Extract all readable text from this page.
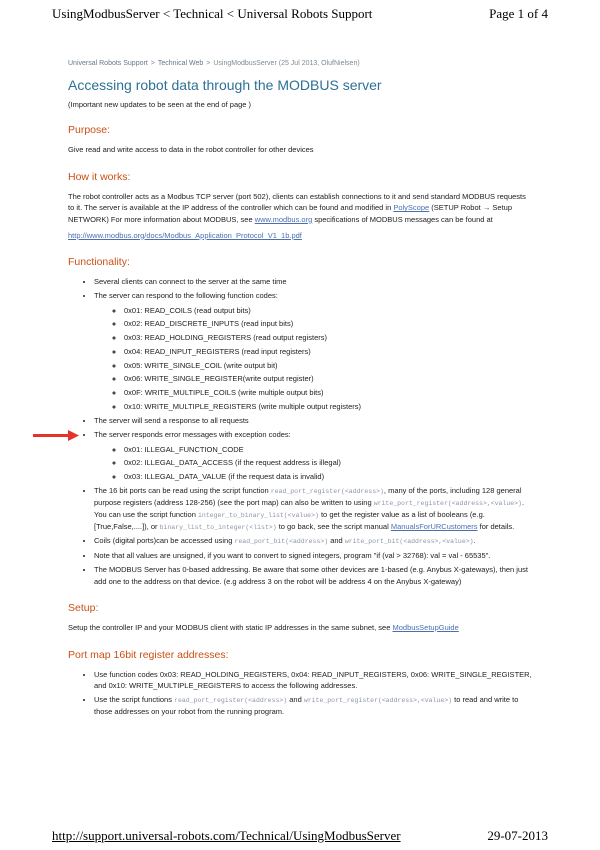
UsingModbusServer < Technical < Universal Robots Support	Page 1 of 4
Universal Robots Support > Technical Web > UsingModbusServer (25 Jul 2013, OlufNielsen)
Accessing robot data through the MODBUS server

(Important new updates to be seen at the end of page )

Purpose:

Give read and write access to data in the robot controller for other devices

How it works:

The robot controller acts as a Modbus TCP server (port 502), clients can establish connections to it and send standard MODBUS requests to it. The server is available at the IP address of the controller which can be found and modified in PolyScope (SETUP Robot → Setup NETWORK) For more information about MODBUS, see www.modbus.org specifications of MODBUS messages can be found at

http://www.modbus.org/docs/Modbus_Application_Protocol_V1_1b.pdf

Functionality:
• Several clients can connect to the server at the same time
• The server can respond to the following function codes:
◦ 0x01: READ_COILS (read output bits)
◦ 0x02: READ_DISCRETE_INPUTS (read input bits)
◦ 0x03: READ_HOLDING_REGISTERS (read output registers)
◦ 0x04: READ_INPUT_REGISTERS (read input registers)
◦ 0x05: WRITE_SINGLE_COIL (write output bit)
◦ 0x06: WRITE_SINGLE_REGISTER(write output register)
◦ 0x0F: WRITE_MULTIPLE_COILS (write multiple output bits)
◦ 0x10: WRITE_MULTIPLE_REGISTERS (write multiple output registers)
• The server will send a response to all requests
• The server responds error messages with exception codes:
◦ 0x01: ILLEGAL_FUNCTION_CODE
◦ 0x02: ILLEGAL_DATA_ACCESS (if the request address is illegal)
◦ 0x03: ILLEGAL_DATA_VALUE (if the request data is invalid)
• The 16 bit ports can be read using the script function read_port_register(<address>), many of the ports, including 128 general purpose registers (address 128-256) (see the port map) can also be written to using write_port_register(<address>,<value>). You can use the script function integer_to_binary_list(<value>) to get the register value as a list of booleans (e.g.[True,False,....]), or binary_list_to_integer(<list>) to go back, see the script manual ManualsForURCustomers for details.
• Coils (digital ports)can be accessed using read_port_bit(<address>) and write_port_bit(<address>,<value>).
• Note that all values are unsigned, if you want to convert to signed integers, program "if (val > 32768): val = val - 65535".
• The MODBUS Server has 0-based addressing. Be aware that some other devices are 1-based (e.g. Anybus X-gateways), then just add one to the address on that device. (e.g address 3 on the robot will be address 4 on the Anybus X-gateway)
Setup:

Setup the controller IP and your MODBUS client with static IP addresses in the same subnet, see ModbusSetupGuide

Port map 16bit register addresses:
• Use function codes 0x03: READ_HOLDING_REGISTERS, 0x04: READ_INPUT_REGISTERS, 0x06: WRITE_SINGLE_REGISTER, and 0x10: WRITE_MULTIPLE_REGISTERS to access the following addresses.
• Use the script functions read_port_register(<address>) and write_port_register(<address>,<value>) to read and write to those addresses on your robot from the running program.
http://support.universal-robots.com/Technical/UsingModbusServer	29-07-2013
